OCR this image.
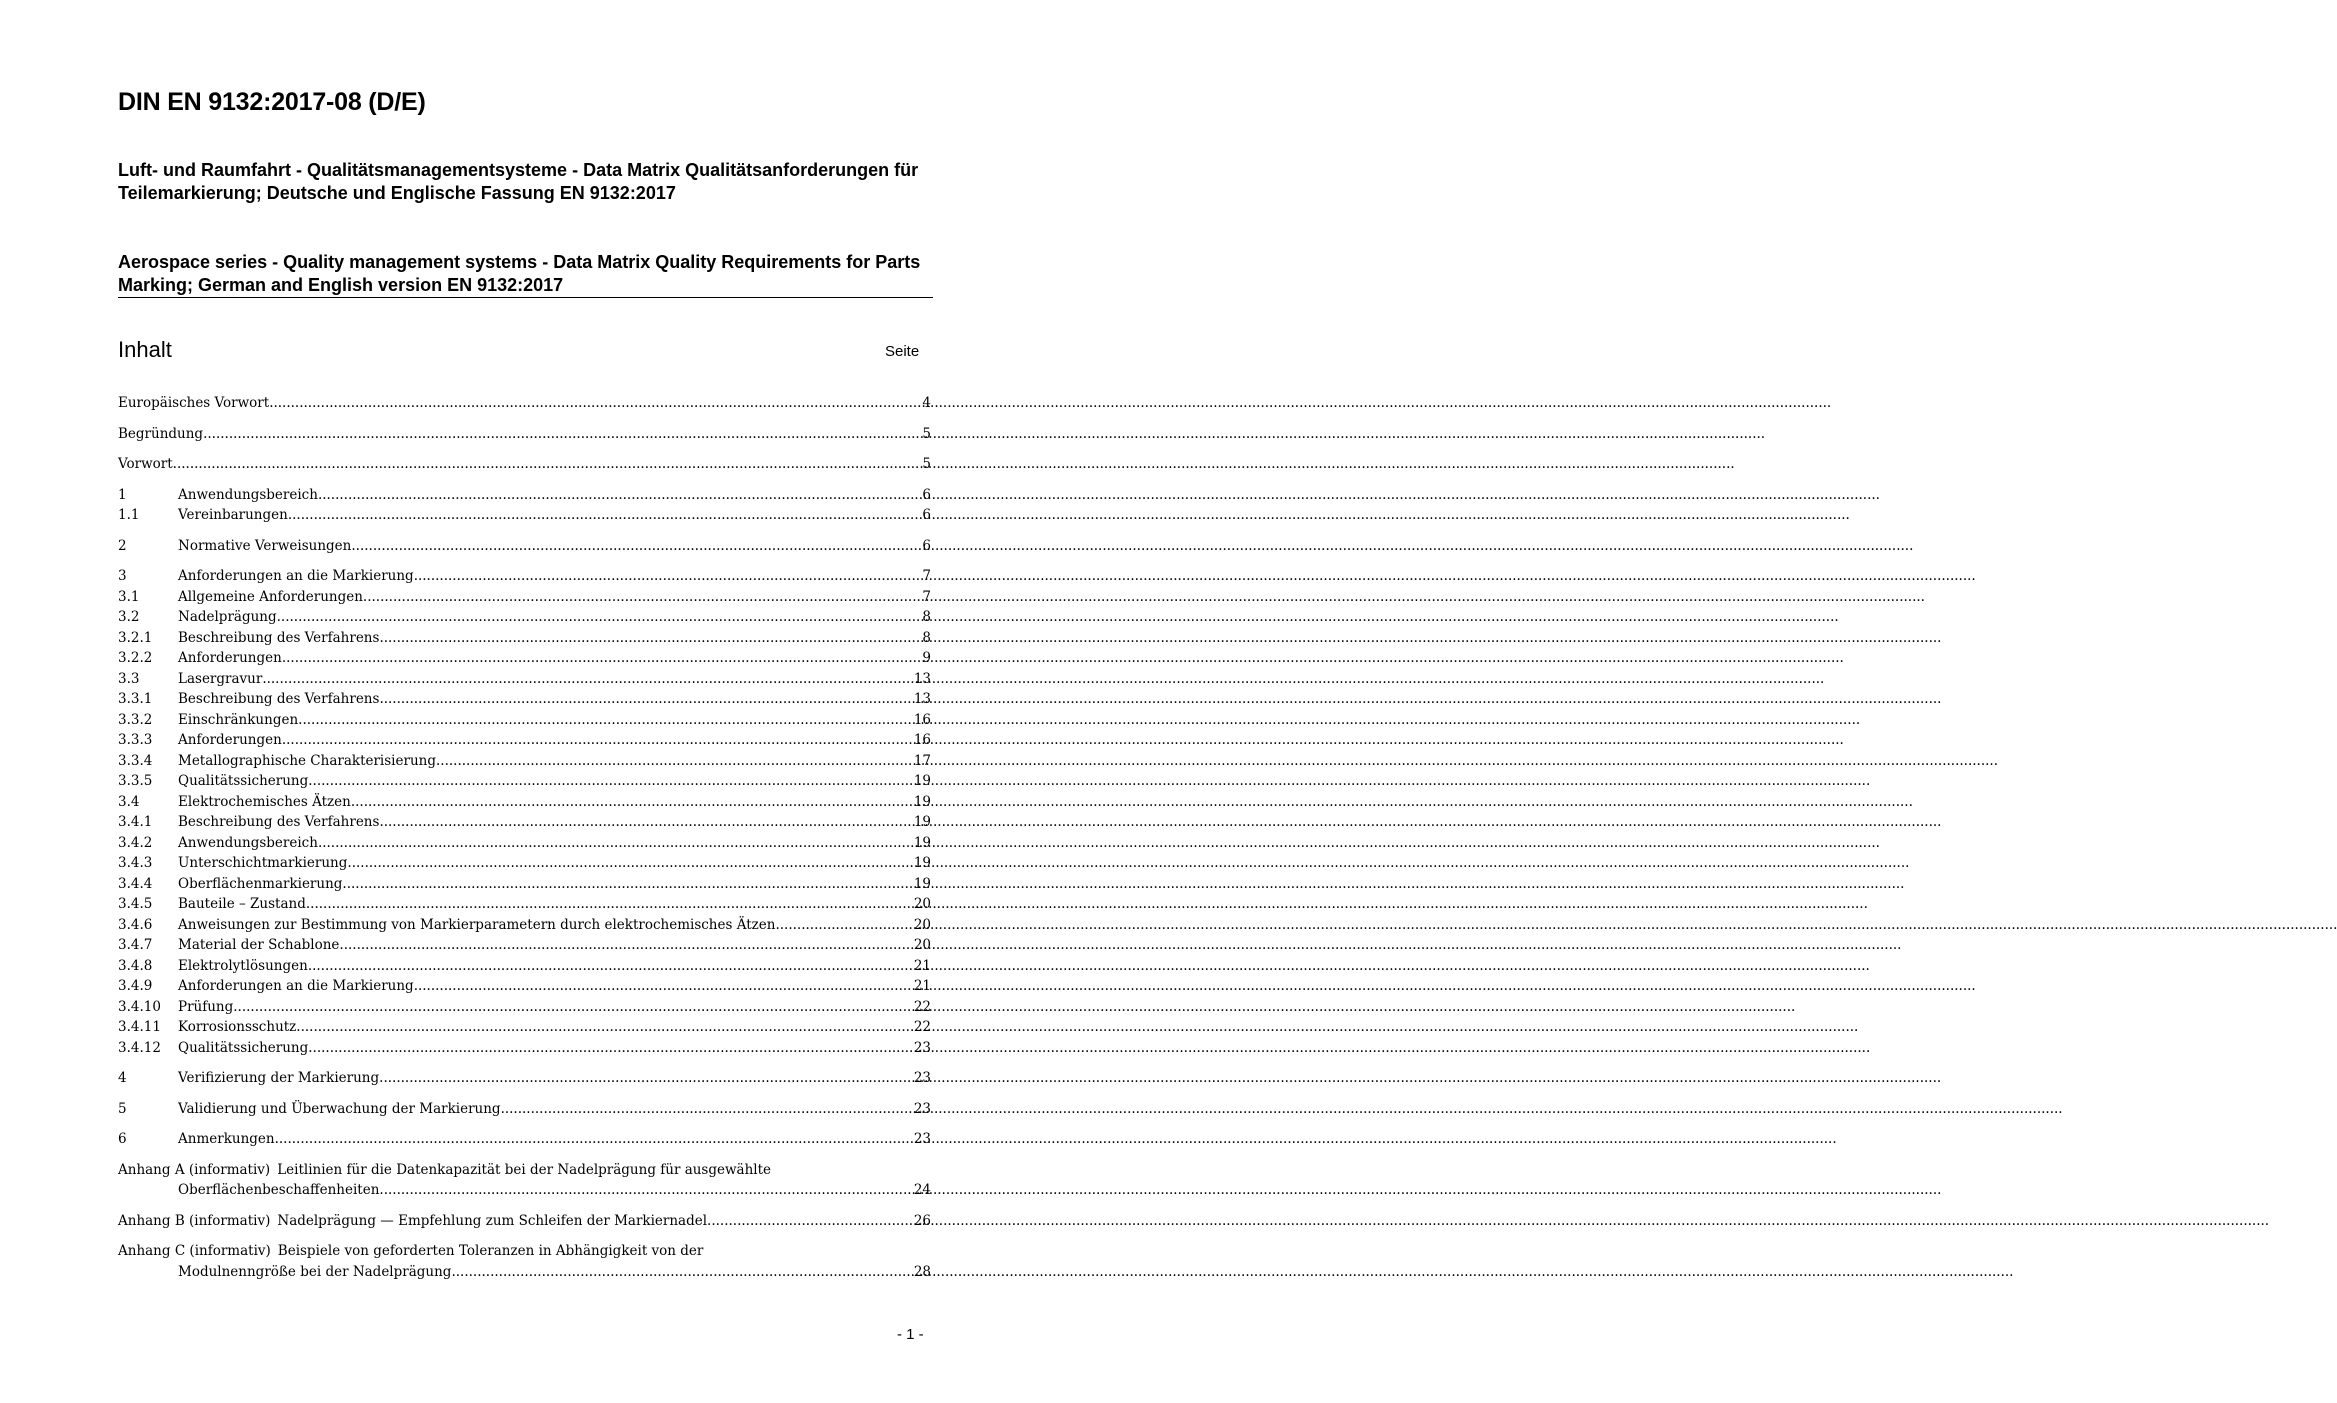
DIN EN 9132:2017-08 (D/E)
Luft- und Raumfahrt - Qualitätsmanagementsysteme - Data Matrix Qualitätsanforderungen für Teilemarkierung; Deutsche und Englische Fassung EN 9132:2017
Aerospace series - Quality management systems - Data Matrix Quality Requirements for Parts Marking; German and English version EN 9132:2017
Inhalt	Seite
Europäisches Vorwort .....	4
Begründung .....	5
Vorwort .....	5
1	Anwendungsbereich .....	6
1.1	Vereinbarungen .....	6
2	Normative Verweisungen .....	6
3	Anforderungen an die Markierung .....	7
3.1	Allgemeine Anforderungen .....	7
3.2	Nadelprägung .....	8
3.2.1	Beschreibung des Verfahrens .....	8
3.2.2	Anforderungen .....	9
3.3	Lasergravur .....	13
3.3.1	Beschreibung des Verfahrens .....	13
3.3.2	Einschränkungen .....	16
3.3.3	Anforderungen .....	16
3.3.4	Metallographische Charakterisierung .....	17
3.3.5	Qualitätssicherung .....	19
3.4	Elektrochemisches Ätzen .....	19
3.4.1	Beschreibung des Verfahrens .....	19
3.4.2	Anwendungsbereich .....	19
3.4.3	Unterschichtmarkierung .....	19
3.4.4	Oberflächenmarkierung .....	19
3.4.5	Bauteile – Zustand .....	20
3.4.6	Anweisungen zur Bestimmung von Markierparametern durch elektrochemisches Ätzen .....	20
3.4.7	Material der Schablone .....	20
3.4.8	Elektrolytlösungen .....	21
3.4.9	Anforderungen an die Markierung .....	21
3.4.10	Prüfung .....	22
3.4.11	Korrosionsschutz .....	22
3.4.12	Qualitätssicherung .....	23
4	Verifizierung der Markierung .....	23
5	Validierung und Überwachung der Markierung .....	23
6	Anmerkungen .....	23
Anhang A (informativ) Leitlinien für die Datenkapazität bei der Nadelprägung für ausgewählte
Oberflächenbeschaffenheiten .....	24
Anhang B (informativ) Nadelprägung — Empfehlung zum Schleifen der Markiernadel .....	26
Anhang C (informativ) Beispiele von geforderten Toleranzen in Abhängigkeit von der
Modulnenngröße bei der Nadelprägung .....	28
- 1 -
